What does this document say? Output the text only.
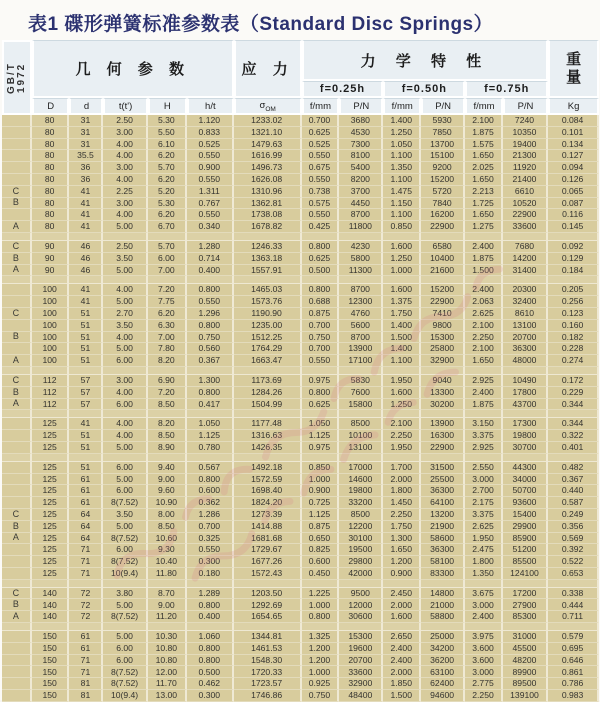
表1 碟形弹簧标准参数表（Standard Disc Springs）
GB/T 1972	几 何 参 数					应 力	力 学 特 性						重量

							f=0.25h		f=0.50h		f=0.75h		
	D	d	t(t')	H	h/t	$\sigma_{OM}$	f/mm	P/N	f/mm	P/N	f/mm	P/N	Kg
	80	31	2.50	5.30	1.120	1233.02	0.700	3680	1.400	5930	2.100	7240	0.084
	80	31	3.00	5.50	0.833	1321.10	0.625	4530	1.250	7850	1.875	10350	0.101
	80	31	4.00	6.10	0.525	1479.63	0.525	7300	1.050	13700	1.575	19400	0.134
	80	35.5	4.00	6.20	0.550	1616.99	0.550	8100	1.100	15100	1.650	21300	0.127
	80	36	3.00	5.70	0.900	1496.73	0.675	5400	1.350	9200	2.025	11920	0.094
	80	36	4.00	6.20	0.550	1626.08	0.550	8200	1.100	15200	1.650	21400	0.126
C	80	41	2.25	5.20	1.311	1310.96	0.738	3700	1.475	5720	2.213	6610	0.065
B	80	41	3.00	5.30	0.767	1362.81	0.575	4450	1.150	7840	1.725	10520	0.087
	80	41	4.00	6.20	0.550	1738.08	0.550	8700	1.100	16200	1.650	22900	0.116
A	80	41	5.00	6.70	0.340	1678.82	0.425	11800	0.850	22900	1.275	33600	0.145

C	90	46	2.50	5.70	1.280	1246.33	0.800	4230	1.600	6580	2.400	7680	0.092
B	90	46	3.50	6.00	0.714	1363.18	0.625	5800	1.250	10400	1.875	14200	0.129
A	90	46	5.00	7.00	0.400	1557.91	0.500	11300	1.000	21600	1.500	31400	0.184

	100	41	4.00	7.20	0.800	1465.03	0.800	8700	1.600	15200	2.400	20300	0.205
	100	41	5.00	7.75	0.550	1573.76	0.688	12300	1.375	22900	2.063	32400	0.256
C	100	51	2.70	6.20	1.296	1190.90	0.875	4760	1.750	7410	2.625	8610	0.123
	100	51	3.50	6.30	0.800	1235.00	0.700	5600	1.400	9800	2.100	13100	0.160
B	100	51	4.00	7.00	0.750	1512.25	0.750	8700	1.500	15300	2.250	20700	0.182
	100	51	5.00	7.80	0.560	1764.29	0.700	13900	1.400	25800	2.100	36300	0.228
A	100	51	6.00	8.20	0.367	1663.47	0.550	17100	1.100	32900	1.650	48000	0.274

C	112	57	3.00	6.90	1.300	1173.69	0.975	5830	1.950	9040	2.925	10490	0.172
B	112	57	4.00	7.20	0.800	1284.26	0.800	7600	1.600	13300	2.400	17800	0.229
A	112	57	6.00	8.50	0.417	1504.99	0.625	15800	1.250	30200	1.875	43700	0.344

	125	41	4.00	8.20	1.050	1177.48	1.050	8500	2.100	13900	3.150	17300	0.344
	125	51	4.00	8.50	1.125	1316.63	1.125	10100	2.250	16300	3.375	19800	0.322
	125	51	5.00	8.90	0.780	1426.35	0.975	13100	1.950	22900	2.925	30700	0.401

	125	51	6.00	9.40	0.567	1492.18	0.850	17000	1.700	31500	2.550	44300	0.482
	125	61	5.00	9.00	0.800	1572.59	1.000	14600	2.000	25500	3.000	34000	0.367
	125	61	6.00	9.60	0.600	1698.40	0.900	19800	1.800	36300	2.700	50700	0.440
	125	61	8(7.52)	10.90	0.362	1824.20	0.725	33200	1.450	64100	2.175	93600	0.587
C	125	64	3.50	8.00	1.286	1273.39	1.125	8500	2.250	13200	3.375	15400	0.249
B	125	64	5.00	8.50	0.700	1414.88	0.875	12200	1.750	21900	2.625	29900	0.356
A	125	64	8(7.52)	10.60	0.325	1681.68	0.650	30100	1.300	58600	1.950	85900	0.569
	125	71	6.00	9.30	0.550	1729.67	0.825	19500	1.650	36300	2.475	51200	0.392
	125	71	8(7.52)	10.40	0.300	1677.26	0.600	29800	1.200	58100	1.800	85500	0.522
	125	71	10(9.4)	11.80	0.180	1572.43	0.450	42000	0.900	83300	1.350	124100	0.653

C	140	72	3.80	8.70	1.289	1203.50	1.225	9500	2.450	14800	3.675	17200	0.338
B	140	72	5.00	9.00	0.800	1292.69	1.000	12000	2.000	21000	3.000	27900	0.444
A	140	72	8(7.52)	11.20	0.400	1654.65	0.800	30600	1.600	58800	2.400	85300	0.711

	150	61	5.00	10.30	1.060	1344.81	1.325	15300	2.650	25000	3.975	31000	0.579
	150	61	6.00	10.80	0.800	1461.53	1.200	19600	2.400	34200	3.600	45500	0.695
	150	71	6.00	10.80	0.800	1548.30	1.200	20700	2.400	36200	3.600	48200	0.646
	150	71	8(7.52)	12.00	0.500	1720.33	1.000	33600	2.000	63100	3.000	89900	0.861
	150	81	8(7.52)	11.70	0.462	1723.57	0.925	32900	1.850	62400	2.775	89500	0.786
	150	81	10(9.4)	13.00	0.300	1746.86	0.750	48400	1.500	94600	2.250	139100	0.983
